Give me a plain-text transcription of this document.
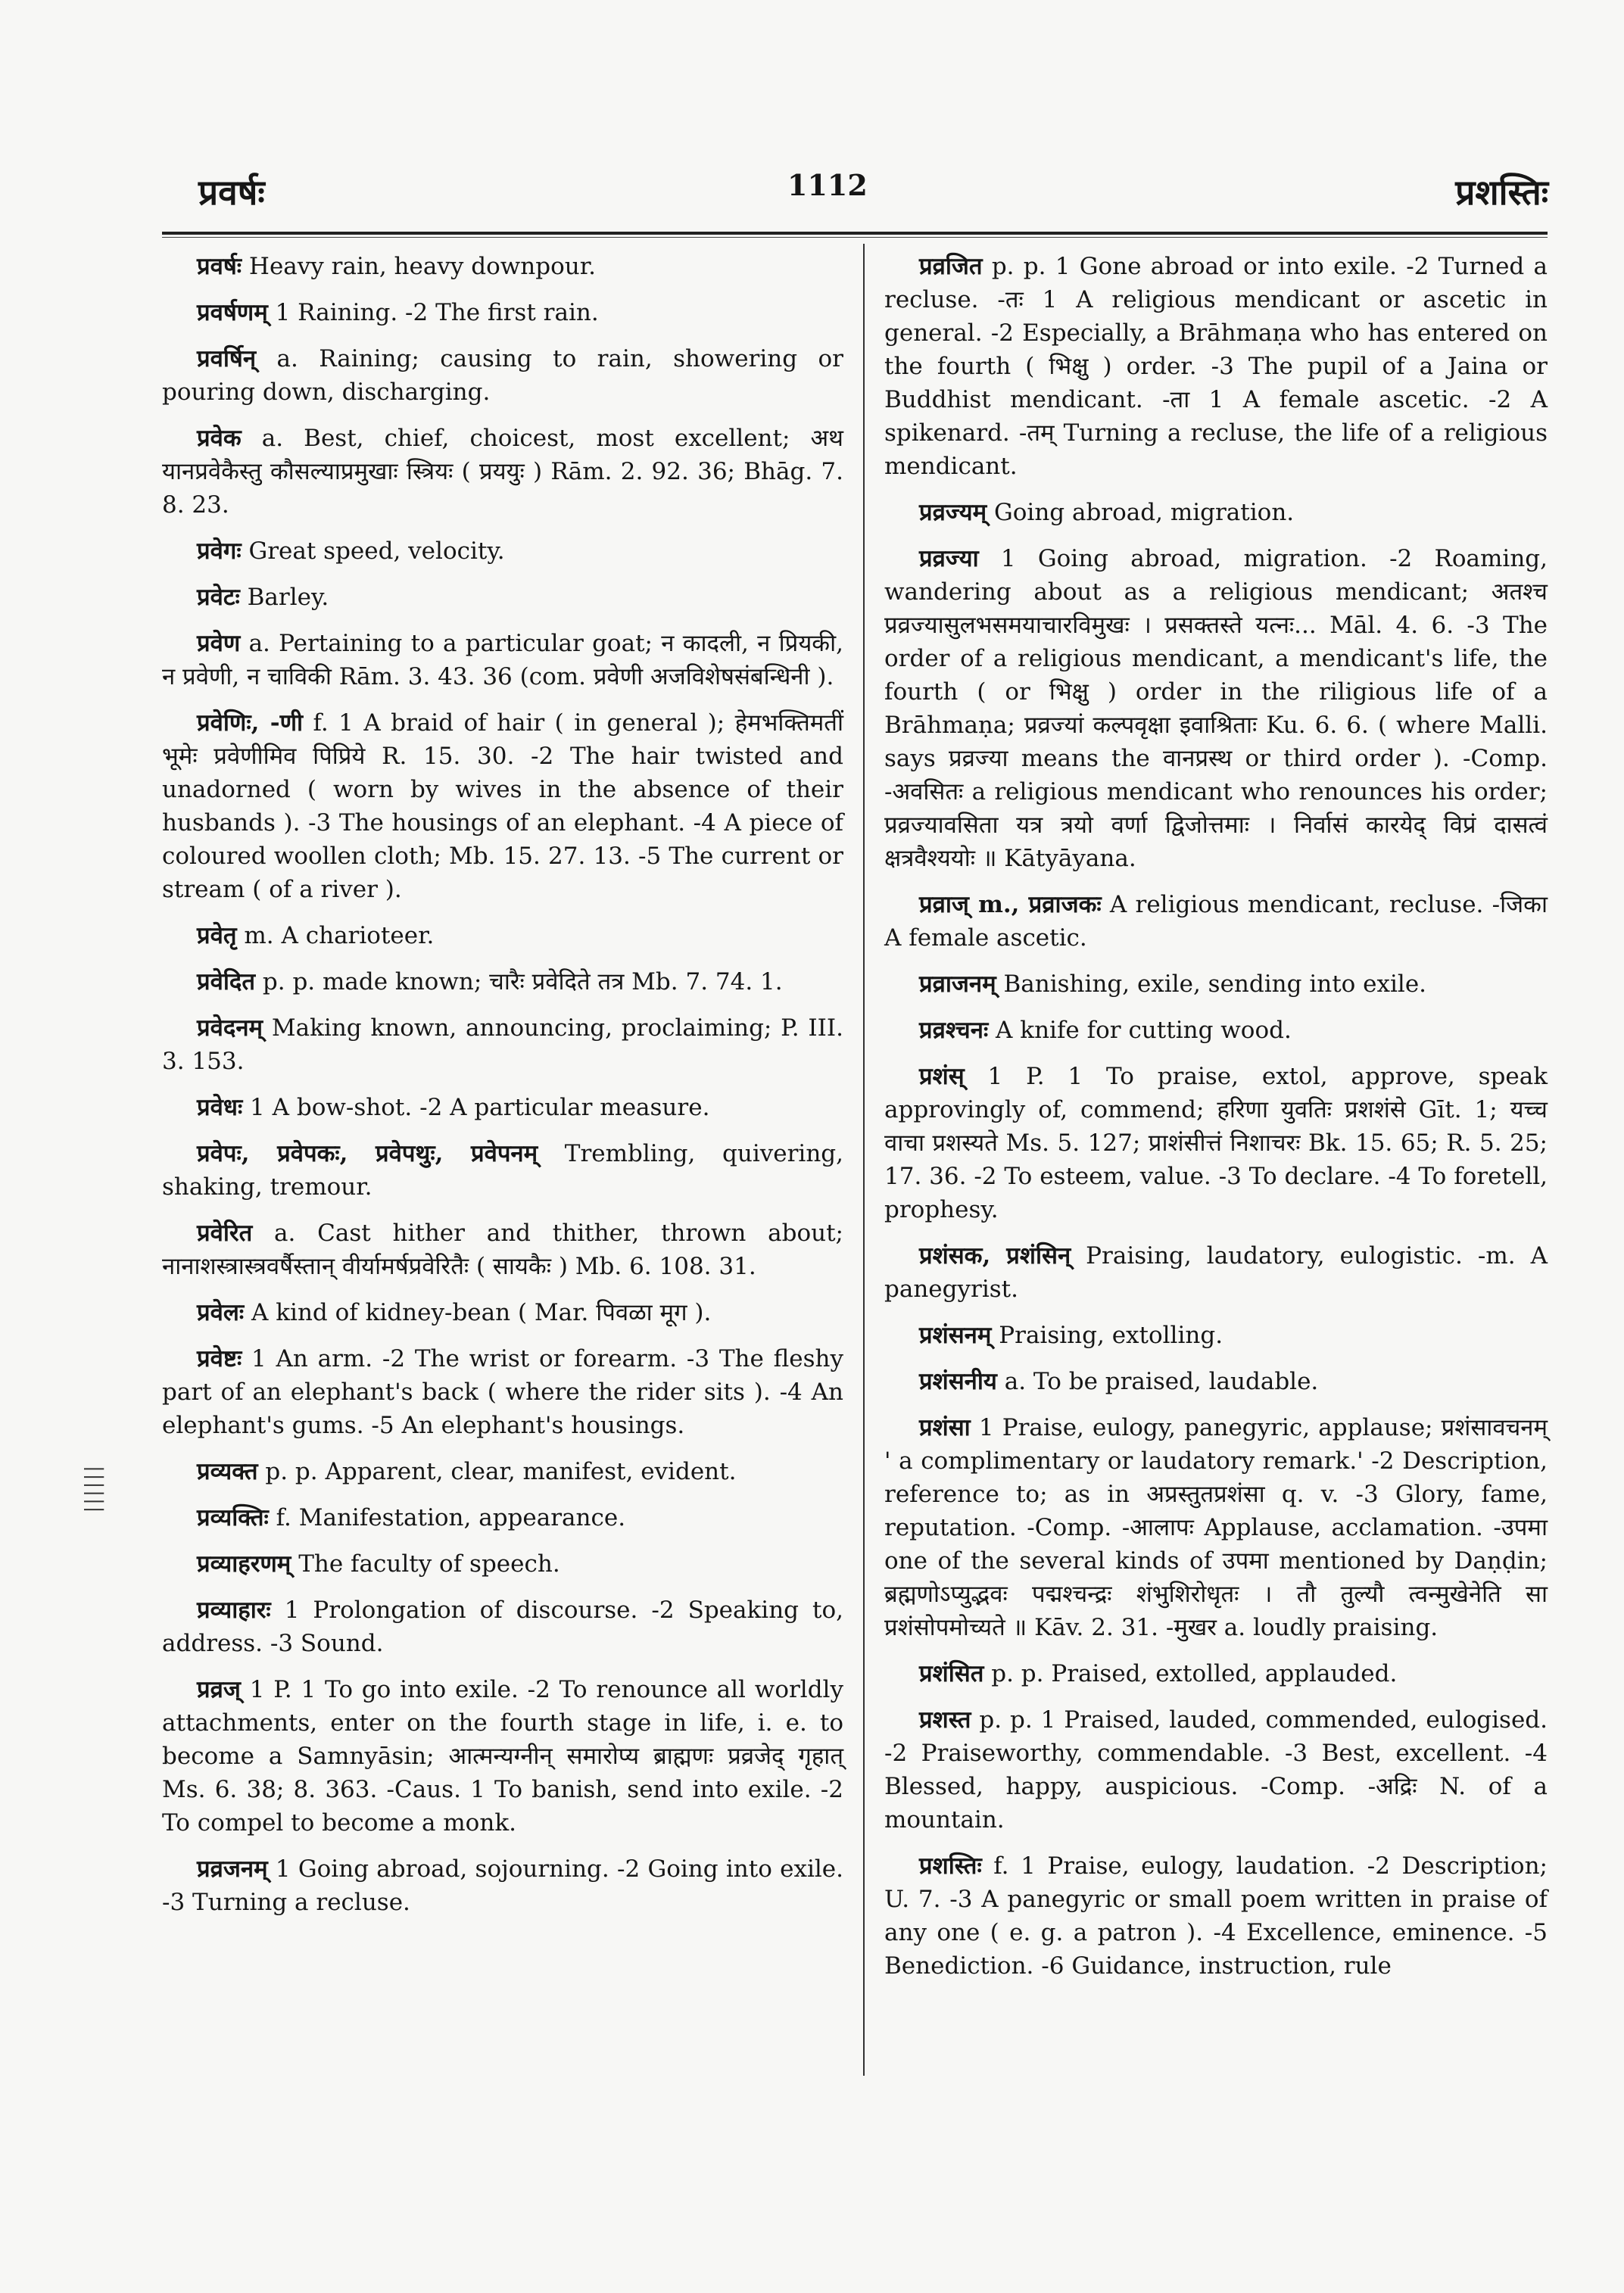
प्रवर्षः	1112	प्रशस्तिः
||||||

प्रवर्षः Heavy rain, heavy downpour.

प्रवर्षणम् 1 Raining. -2 The first rain.

प्रवर्षिन् a. Raining; causing to rain, showering or pouring down, discharging.

प्रवेक a. Best, chief, choicest, most excellent; अथ यानप्रवेकैस्तु कौसल्याप्रमुखाः स्त्रियः ( प्रययुः ) Rām. 2. 92. 36; Bhāg. 7. 8. 23.

प्रवेगः Great speed, velocity.

प्रवेटः Barley.

प्रवेण a. Pertaining to a particular goat; न कादली, न प्रियकी, न प्रवेणी, न चाविकी Rām. 3. 43. 36 (com. प्रवेणी अजविशेषसंबन्धिनी ).

प्रवेणिः, -णी f. 1 A braid of hair ( in general ); हेमभक्तिमतीं भूमेः प्रवेणीमिव पिप्रिये R. 15. 30. -2 The hair twisted and unadorned ( worn by wives in the absence of their husbands ). -3 The housings of an elephant. -4 A piece of coloured woollen cloth; Mb. 15. 27. 13. -5 The current or stream ( of a river ).

प्रवेतृ m. A charioteer.

प्रवेदित p. p. made known; चारैः प्रवेदिते तत्र Mb. 7. 74. 1.

प्रवेदनम् Making known, announcing, proclaiming; P. III. 3. 153.

प्रवेधः 1 A bow-shot. -2 A particular measure.

प्रवेपः, प्रवेपकः, प्रवेपथुः, प्रवेपनम् Trembling, quivering, shaking, tremour.

प्रवेरित a. Cast hither and thither, thrown about; नानाशस्त्रास्त्रवर्षैस्तान् वीर्यामर्षप्रवेरितैः ( सायकैः ) Mb. 6. 108. 31.

प्रवेलः A kind of kidney-bean ( Mar. पिवळा मूग ).

प्रवेष्टः 1 An arm. -2 The wrist or forearm. -3 The fleshy part of an elephant's back ( where the rider sits ). -4 An elephant's gums. -5 An elephant's housings.

प्रव्यक्त p. p. Apparent, clear, manifest, evident.

प्रव्यक्तिः f. Manifestation, appearance.

प्रव्याहरणम् The faculty of speech.

प्रव्याहारः 1 Prolongation of discourse. -2 Speaking to, address. -3 Sound.

प्रव्रज् 1 P. 1 To go into exile. -2 To renounce all worldly attachments, enter on the fourth stage in life, i. e. to become a Samnyāsin; आत्मन्यग्नीन् समारोप्य ब्राह्मणः प्रव्रजेद् गृहात् Ms. 6. 38; 8. 363. -Caus. 1 To banish, send into exile. -2 To compel to become a monk.

प्रव्रजनम् 1 Going abroad, sojourning. -2 Going into exile. -3 Turning a recluse.

प्रव्रजित p. p. 1 Gone abroad or into exile. -2 Turned a recluse. -तः 1 A religious mendicant or ascetic in general. -2 Especially, a Brāhmaṇa who has entered on the fourth ( भिक्षु ) order. -3 The pupil of a Jaina or Buddhist mendicant. -ता 1 A female ascetic. -2 A spikenard. -तम् Turning a recluse, the life of a religious mendicant.

प्रव्रज्यम् Going abroad, migration.

प्रव्रज्या 1 Going abroad, migration. -2 Roaming, wandering about as a religious mendicant; अतश्च प्रव्रज्यासुलभसमयाचारविमुखः । प्रसक्तस्ते यत्नः... Māl. 4. 6. -3 The order of a religious mendicant, a mendicant's life, the fourth ( or भिक्षु ) order in the riligious life of a Brāhmaṇa; प्रव्रज्यां कल्पवृक्षा इवाश्रिताः Ku. 6. 6. ( where Malli. says प्रव्रज्या means the वानप्रस्थ or third order ). -Comp. -अवसितः a religious mendicant who renounces his order; प्रव्रज्यावसिता यत्र त्रयो वर्णा द्विजोत्तमाः । निर्वासं कारयेद् विप्रं दासत्वं क्षत्रवैश्ययोः ॥ Kātyāyana.

प्रव्राज् m., प्रव्राजकः A religious mendicant, recluse. -जिका A female ascetic.

प्रव्राजनम् Banishing, exile, sending into exile.

प्रव्रश्चनः A knife for cutting wood.

प्रशंस् 1 P. 1 To praise, extol, approve, speak approvingly of, commend; हरिणा युवतिः प्रशशंसे Gīt. 1; यच्च वाचा प्रशस्यते Ms. 5. 127; प्राशंसीत्तं निशाचरः Bk. 15. 65; R. 5. 25; 17. 36. -2 To esteem, value. -3 To declare. -4 To foretell, prophesy.

प्रशंसक, प्रशंसिन् Praising, laudatory, eulogistic. -m. A panegyrist.

प्रशंसनम् Praising, extolling.

प्रशंसनीय a. To be praised, laudable.

प्रशंसा 1 Praise, eulogy, panegyric, applause; प्रशंसावचनम् ' a complimentary or laudatory remark.' -2 Description, reference to; as in अप्रस्तुतप्रशंसा q. v. -3 Glory, fame, reputation. -Comp. -आलापः Applause, acclamation. -उपमा one of the several kinds of उपमा mentioned by Daṇḍin; ब्रह्मणोऽप्युद्भवः पद्मश्चन्द्रः शंभुशिरोधृतः । तौ तुल्यौ त्वन्मुखेनेति सा प्रशंसोपमोच्यते ॥ Kāv. 2. 31. -मुखर a. loudly praising.

प्रशंसित p. p. Praised, extolled, applauded.

प्रशस्त p. p. 1 Praised, lauded, commended, eulogised. -2 Praiseworthy, commendable. -3 Best, excellent. -4 Blessed, happy, auspicious. -Comp. -अद्रिः N. of a mountain.

प्रशस्तिः f. 1 Praise, eulogy, laudation. -2 Description; U. 7. -3 A panegyric or small poem written in praise of any one ( e. g. a patron ). -4 Excellence, eminence. -5 Benediction. -6 Guidance, instruction, rule
